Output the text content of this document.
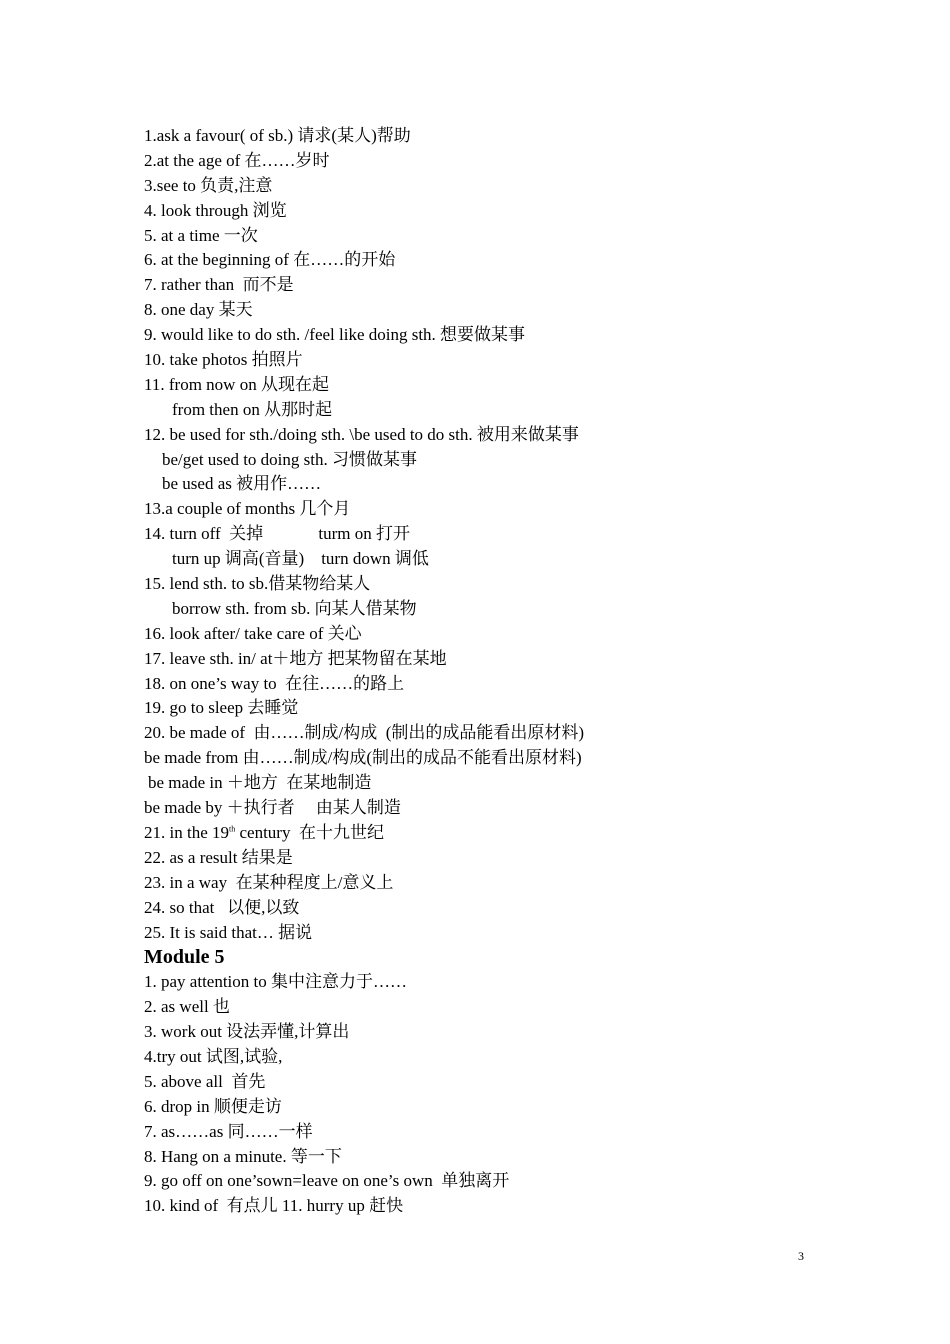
1.ask a favour( of sb.) 请求(某人)帮助
2.at the age of 在……岁时
3.see to 负责,注意
4. look through 浏览
5. at a time 一次
6. at the beginning of 在……的开始
7. rather than  而不是
8. one day 某天
9. would like to do sth. /feel like doing sth. 想要做某事
10. take photos 拍照片
11. from now on 从现在起
from then on 从那时起
12. be used for sth./doing sth. \be used to do sth. 被用来做某事
be/get used to doing sth. 习惯做某事
be used as 被用作……
13.a couple of months 几个月
14. turn off  关掉             turm on 打开
turn up 调高(音量)    turn down 调低
15. lend sth. to sb.借某物给某人
borrow sth. from sb. 向某人借某物
16. look after/ take care of 关心
17. leave sth. in/ at＋地方 把某物留在某地
18. on one’s way to  在往……的路上
19. go to sleep 去睡觉
20. be made of  由……制成/构成  (制出的成品能看出原材料)
be made from 由……制成/构成(制出的成品不能看出原材料)
be made in ＋地方  在某地制造
be made by ＋执行者     由某人制造
21. in the 19th century  在十九世纪
22. as a result 结果是
23. in a way  在某种程度上/意义上
24. so that   以便,以致
25. It is said that… 据说
Module 5
1. pay attention to 集中注意力于……
2. as well 也
3. work out 设法弄懂,计算出
4.try out 试图,试验,
5. above all  首先
6. drop in 顺便走访
7. as……as 同……一样
8. Hang on a minute. 等一下
9. go off on one’sown=leave on one’s own  单独离开
10. kind of  有点儿 11. hurry up 赶快
3
